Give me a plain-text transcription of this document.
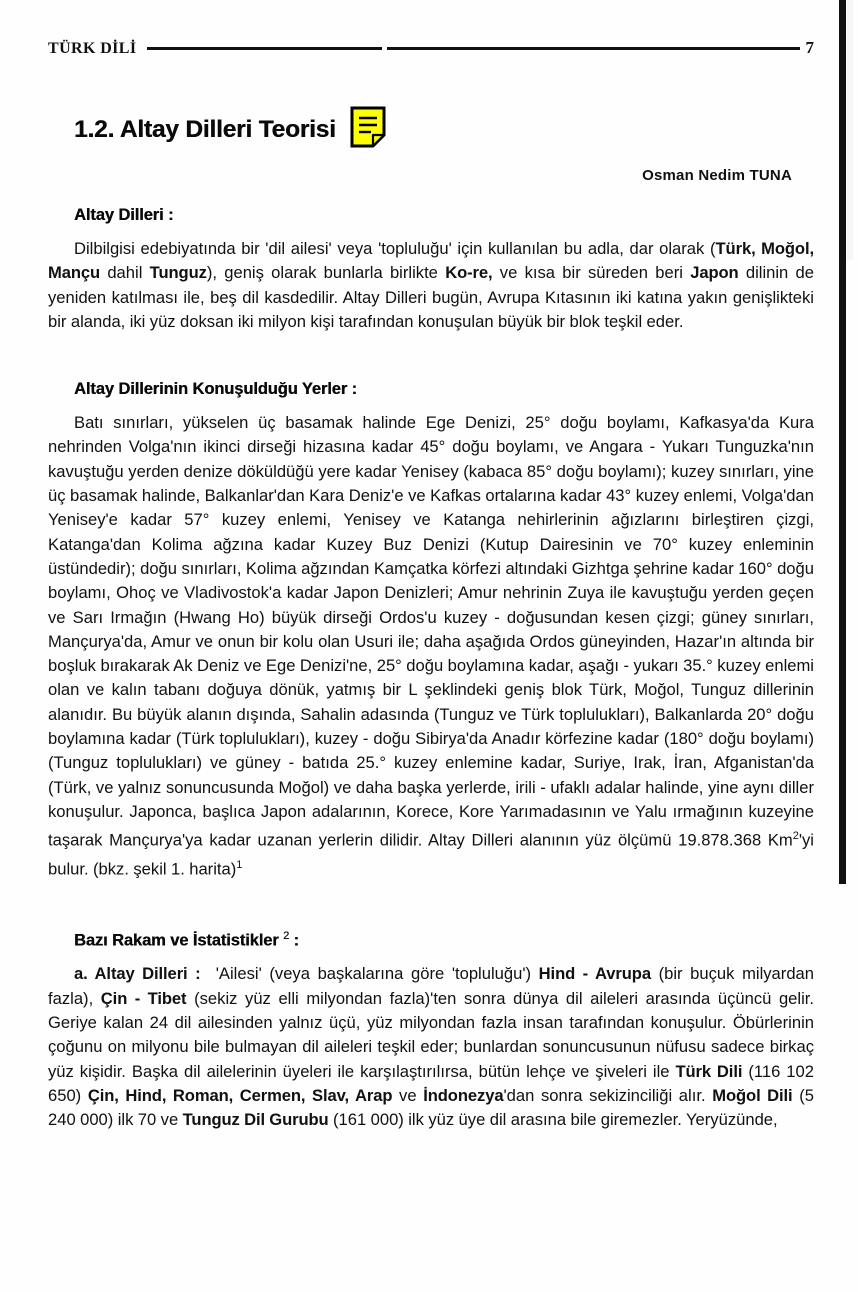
TÜRK DİLİ	7
1.2. Altay Dilleri Teorisi
Osman Nedim TUNA
Altay Dilleri :

Dilbilgisi edebiyatında bir 'dil ailesi' veya 'topluluğu' için kullanılan bu adla, dar olarak (Türk, Moğol, Mançu dahil Tunguz), geniş olarak bunlarla birlikte Ko-re, ve kısa bir süreden beri Japon dilinin de yeniden katılması ile, beş dil kasdedilir. Altay Dilleri bugün, Avrupa Kıtasının iki katına yakın genişlikteki bir alanda, iki yüz doksan iki milyon kişi tarafından konuşulan büyük bir blok teşkil eder.

Altay Dillerinin Konuşulduğu Yerler :

Batı sınırları, yükselen üç basamak halinde Ege Denizi, 25° doğu boylamı, Kafkasya'da Kura nehrinden Volga'nın ikinci dirseği hizasına kadar 45° doğu boylamı, ve Angara - Yukarı Tunguzka'nın kavuştuğu yerden denize döküldüğü yere kadar Yenisey (kabaca 85° doğu boylamı); kuzey sınırları, yine üç basamak halinde, Balkanlar'dan Kara Deniz'e ve Kafkas ortalarına kadar 43° kuzey enlemi, Volga'dan Yenisey'e kadar 57° kuzey enlemi, Yenisey ve Katanga nehirlerinin ağızlarını birleştiren çizgi, Katanga'dan Kolima ağzına kadar Kuzey Buz Denizi (Kutup Dairesinin ve 70° kuzey enleminin üstündedir); doğu sınırları, Kolima ağzından Kamçatka körfezi altındaki Gizhtga şehrine kadar 160° doğu boylamı, Ohoç ve Vladivostok'a kadar Japon Denizleri; Amur nehrinin Zuya ile kavuştuğu yerden geçen ve Sarı Irmağın (Hwang Ho) büyük dirseği Ordos'u kuzey - doğusundan kesen çizgi; güney sınırları, Mançurya'da, Amur ve onun bir kolu olan Usuri ile; daha aşağıda Ordos güneyinden, Hazar'ın altında bir boşluk bırakarak Ak Deniz ve Ege Denizi'ne, 25° doğu boylamına kadar, aşağı - yukarı 35.° kuzey enlemi olan ve kalın tabanı doğuya dönük, yatmış bir L şeklindeki geniş blok Türk, Moğol, Tunguz dillerinin alanıdır. Bu büyük alanın dışında, Sahalin adasında (Tunguz ve Türk toplulukları), Balkanlarda 20° doğu boylamına kadar (Türk toplulukları), kuzey - doğu Sibirya'da Anadır körfezine kadar (180° doğu boylamı) (Tunguz toplulukları) ve güney - batıda 25.° kuzey enlemine kadar, Suriye, Irak, İran, Afganistan'da (Türk, ve yalnız sonuncusunda Moğol) ve daha başka yerlerde, irili - ufaklı adalar halinde, yine aynı diller konuşulur. Japonca, başlıca Japon adalarının, Korece, Kore Yarımadasının ve Yalu ırmağının kuzeyine taşarak Mançurya'ya kadar uzanan yerlerin dilidir. Altay Dilleri alanının yüz ölçümü 19.878.368 Km$^2$'yi bulur. (bkz. şekil 1. harita)$^1$

Bazı Rakam ve İstatistikler $^2$ :

a. Altay Dilleri :  'Ailesi' (veya başkalarına göre 'topluluğu') Hind - Avrupa (bir buçuk milyardan fazla), Çin - Tibet (sekiz yüz elli milyondan fazla)'ten sonra dünya dil aileleri arasında üçüncü gelir. Geriye kalan 24 dil ailesinden yalnız üçü, yüz milyondan fazla insan tarafından konuşulur. Öbürlerinin çoğunu on milyonu bile bulmayan dil aileleri teşkil eder; bunlardan sonuncusunun nüfusu sadece birkaç yüz kişidir. Başka dil ailelerinin üyeleri ile karşılaştırılırsa, bütün lehçe ve şiveleri ile Türk Dili (116 102 650) Çin, Hind, Roman, Cermen, Slav, Arap ve İndonezya'dan sonra sekizinciliği alır. Moğol Dili (5 240 000) ilk 70 ve Tunguz Dil Gurubu (161 000) ilk yüz üye dil arasına bile giremezler. Yeryüzünde,
